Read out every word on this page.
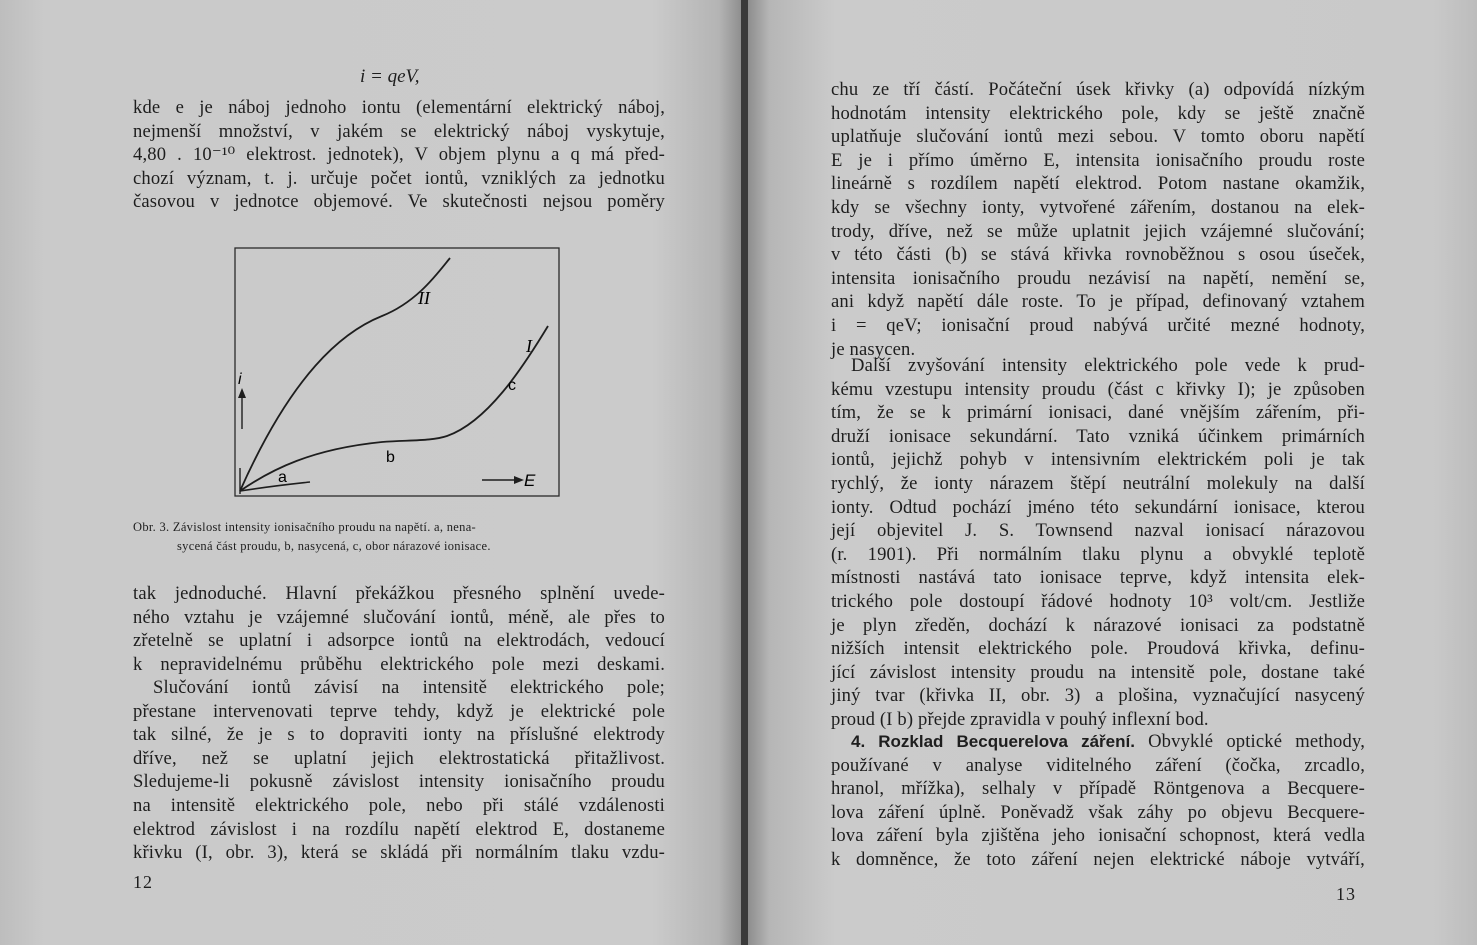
i = qeV,
kde e je náboj jednoho iontu (elementární elektrický náboj,
nejmenší množství, v jakém se elektrický náboj vyskytuje,
4,80 . 10⁻¹⁰ elektrost. jednotek), V objem plynu a q má před-
chozí význam, t. j. určuje počet iontů, vzniklých za jednotku
časovou v jednotce objemové. Ve skutečnosti nejsou poměry
II
I
a
b
c
i
E
Obr. 3. Závislost intensity ionisačního proudu na napětí. a, nena-
sycená část proudu, b, nasycená, c, obor nárazové ionisace.
tak jednoduché. Hlavní překážkou přesného splnění uvede-
ného vztahu je vzájemné slučování iontů, méně, ale přes to
zřetelně se uplatní i adsorpce iontů na elektrodách, vedoucí
k nepravidelnému průběhu elektrického pole mezi deskami.
Slučování iontů závisí na intensitě elektrického pole;
přestane intervenovati teprve tehdy, když je elektrické pole
tak silné, že je s to dopraviti ionty na příslušné elektrody
dříve, než se uplatní jejich elektrostatická přitažlivost.
Sledujeme-li pokusně závislost intensity ionisačního proudu
na intensitě elektrického pole, nebo při stálé vzdálenosti
elektrod závislost i na rozdílu napětí elektrod E, dostaneme
křivku (I, obr. 3), která se skládá při normálním tlaku vzdu-
12
chu ze tří částí. Počáteční úsek křivky (a) odpovídá nízkým
hodnotám intensity elektrického pole, kdy se ještě značně
uplatňuje slučování iontů mezi sebou. V tomto oboru napětí
E je i přímo úměrno E, intensita ionisačního proudu roste
lineárně s rozdílem napětí elektrod. Potom nastane okamžik,
kdy se všechny ionty, vytvořené zářením, dostanou na elek-
trody, dříve, než se může uplatnit jejich vzájemné slučování;
v této části (b) se stává křivka rovnoběžnou s osou úseček,
intensita ionisačního proudu nezávisí na napětí, nemění se,
ani když napětí dále roste. To je případ, definovaný vztahem
i = qeV; ionisační proud nabývá určité mezné hodnoty,
je nasycen.
Další zvyšování intensity elektrického pole vede k prud-
kému vzestupu intensity proudu (část c křivky I); je způsoben
tím, že se k primární ionisaci, dané vnějším zářením, při-
druží ionisace sekundární. Tato vzniká účinkem primárních
iontů, jejichž pohyb v intensivním elektrickém poli je tak
rychlý, že ionty nárazem štěpí neutrální molekuly na další
ionty. Odtud pochází jméno této sekundární ionisace, kterou
její objevitel J. S. Townsend nazval ionisací nárazovou
(r. 1901). Při normálním tlaku plynu a obvyklé teplotě
místnosti nastává tato ionisace teprve, když intensita elek-
trického pole dostoupí řádové hodnoty 10³ volt/cm. Jestliže
je plyn zředěn, dochází k nárazové ionisaci za podstatně
nižších intensit elektrického pole. Proudová křivka, definu-
jící závislost intensity proudu na intensitě pole, dostane také
jiný tvar (křivka II, obr. 3) a plošina, vyznačující nasycený
proud (I b) přejde zpravidla v pouhý inflexní bod.
4. Rozklad Becquerelova záření. Obvyklé optické methody,
používané v analyse viditelného záření (čočka, zrcadlo,
hranol, mřížka), selhaly v případě Röntgenova a Becquere-
lova záření úplně. Poněvadž však záhy po objevu Becquere-
lova záření byla zjištěna jeho ionisační schopnost, která vedla
k domněnce, že toto záření nejen elektrické náboje vytváří,
13
